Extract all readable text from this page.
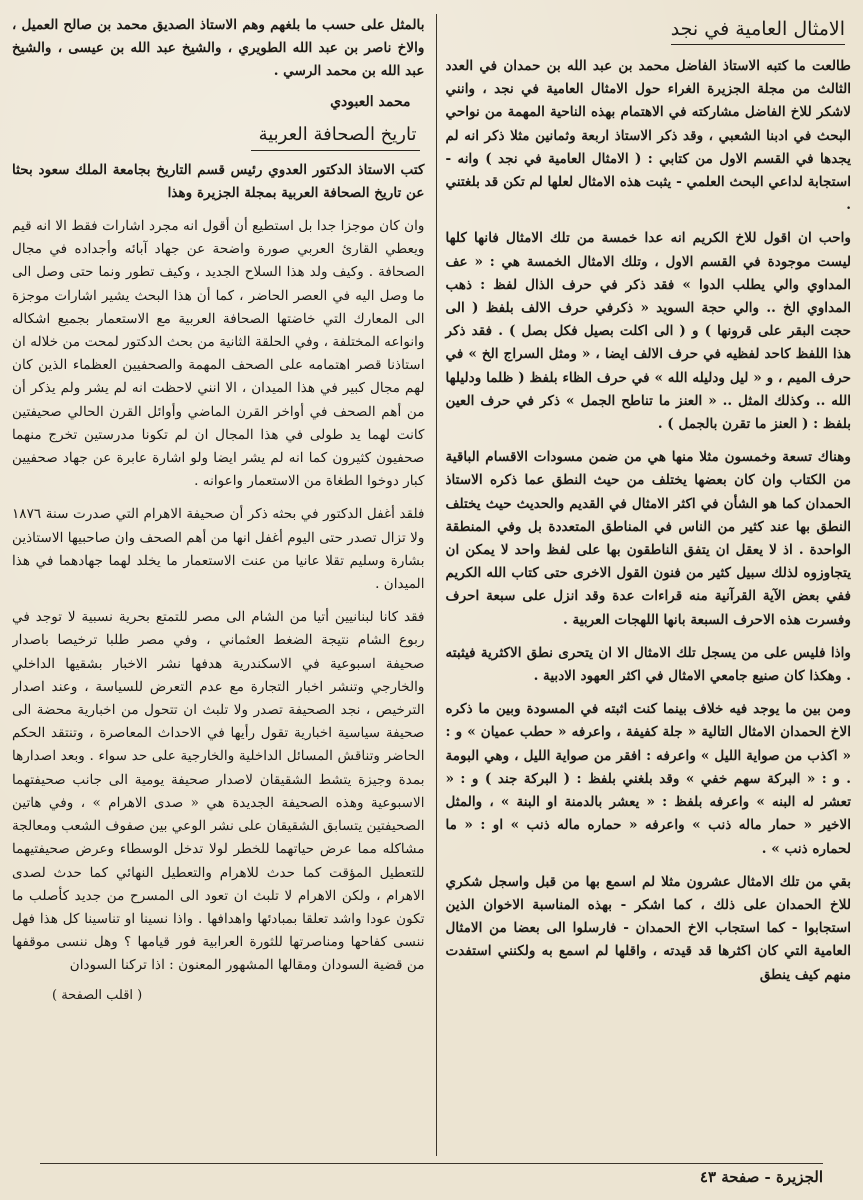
الامثال العامية في نجد

طالعت ما كتبه الاستاذ الفاضل محمد بن عبد الله بن حمدان في العدد الثالث من مجلة الجزيرة الغراء حول الامثال العامية في نجد ، وانني لاشكر للاخ الفاضل مشاركته في الاهتمام بهذه الناحية المهمة من نواحي البحث في ادبنا الشعبي ، وقد ذكر الاستاذ اربعة وثمانين مثلا ذكر انه لم يجدها في القسم الاول من كتابي : ( الامثال العامية في نجد ) وانه - استجابة لداعي البحث العلمي - يثبت هذه الامثال لعلها لم تكن قد بلغتني .

واحب ان اقول للاخ الكريم انه عدا خمسة من تلك الامثال فانها كلها ليست موجودة في القسم الاول ، وتلك الامثال الخمسة هي : « عف المداوي والي يطلب الدوا » فقد ذكر في حرف الذال لفظ : ذهب المداوي الخ .. والي حجة السويد « ذكرفي حرف الالف بلفظ ( الى حجت البقر على قرونها ) و ( الى اكلت بصيل فكل بصل ) . فقد ذكر هذا اللفظ كاحد لفظيه في حرف الالف ايضا ، « ومثل السراج الخ » في حرف الميم ، و « ليل ودليله الله » في حرف الظاء بلفظ ( ظلما ودليلها الله .. وكذلك المثل .. « العنز ما تناطح الجمل » ذكر في حرف العين بلفظ : ( العنز ما تقرن بالجمل ) .

وهناك تسعة وخمسون مثلا منها هي من ضمن مسودات الاقسام الباقية من الكتاب وان كان بعضها يختلف من حيث النطق عما ذكره الاستاذ الحمدان كما هو الشأن في اكثر الامثال في القديم والحديث حيث يختلف النطق بها عند كثير من الناس في المناطق المتعددة بل وفي المنطقة الواحدة . اذ لا يعقل ان يتفق الناطقون بها على لفظ واحد لا يمكن ان يتجاوزوه لذلك سبيل كثير من فنون القول الاخرى حتى كتاب الله الكريم ففي بعض الآية القرآنية منه قراءات عدة وقد انزل على سبعة احرف وفسرت هذه الاحرف السبعة بانها اللهجات العربية .

واذا فليس على من يسجل تلك الامثال الا ان يتحرى نطق الاكثرية فيثبته . وهكذا كان صنيع جامعي الامثال في اكثر العهود الادبية .

ومن بين ما يوجد فيه خلاف بينما كنت اثبته في المسودة وبين ما ذكره الاخ الحمدان الامثال التالية « جلة كفيفة ، واعرفه « حطب عميان » و : « اكذب من صواية الليل » واعرفه : افقر من صواية الليل ، وهي البومة . و : « البركة سهم خفي » وقد بلغني بلفظ : ( البركة جند ) و : « تعشر له البنه » واعرفه بلفظ : « يعشر بالدمنة او البنة » ، والمثل الاخير « حمار ماله ذنب » واعرفه « حماره ماله ذنب » او : « ما لحماره ذنب » .

بقي من تلك الامثال عشرون مثلا لم اسمع بها من قبل واسجل شكري للاخ الحمدان على ذلك ، كما اشكر - بهذه المناسبة الاخوان الذين استجابوا - كما استجاب الاخ الحمدان - فارسلوا الى بعضا من الامثال العامية التي كان اكثرها قد قيدته ، واقلها لم اسمع به ولكنني استفدت منهم كيف ينطق

بالمثل على حسب ما بلغهم وهم الاستاذ الصديق محمد بن صالح العميل ، والاخ ناصر بن عبد الله الطويري ، والشيخ عبد الله بن عيسى ، والشيخ عبد الله بن محمد الرسي .

محمد العبودي

تاريخ الصحافة العربية

كتب الاستاذ الدكتور العدوي رئيس قسم التاريخ بجامعة الملك سعود بحثا عن تاريخ الصحافة العربية بمجلة الجزيرة وهذا

وان كان موجزا جدا بل استطيع أن أقول انه مجرد اشارات فقط الا انه قيم ويعطي القارئ العربي صورة واضحة عن جهاد آبائه وأجداده في مجال الصحافة . وكيف ولد هذا السلاح الجديد ، وكيف تطور ونما حتى وصل الى ما وصل اليه في العصر الحاضر ، كما أن هذا البحث يشير اشارات موجزة الى المعارك التي خاضتها الصحافة العربية مع الاستعمار بجميع اشكاله وانواعه المختلفة ، وفي الحلقة الثانية من بحث الدكتور لمحت من خلاله ان استاذنا قصر اهتمامه على الصحف المهمة والصحفيين العظماء الذين كان لهم مجال كبير في هذا الميدان ، الا انني لاحظت انه لم يشر ولم يذكر أن من أهم الصحف في أواخر القرن الماضي وأوائل القرن الحالي صحيفتين كانت لهما يد طولى في هذا المجال ان لم تكونا مدرستين تخرج منهما صحفيون كثيرون كما انه لم يشر ايضا ولو اشارة عابرة عن جهاد صحفيين كبار دوخوا الطغاة من الاستعمار واعوانه .

فلقد أغفل الدكتور في بحثه ذكر أن صحيفة الاهرام التي صدرت سنة ١٨٧٦ ولا تزال تصدر حتى اليوم أغفل انها من أهم الصحف وان صاحبيها الاستاذين بشارة وسليم تقلا عانيا من عنت الاستعمار ما يخلد لهما جهادهما في هذا الميدان .

فقد كانا لبنانيين أتيا من الشام الى مصر للتمتع بحرية نسبية لا توجد في ربوع الشام نتيجة الضغط العثماني ، وفي مصر طلبا ترخيصا باصدار صحيفة اسبوعية في الاسكندرية هدفها نشر الاخبار بشقيها الداخلي والخارجي وتنشر اخبار التجارة مع عدم التعرض للسياسة ، وعند اصدار الترخيص ، نجد الصحيفة تصدر ولا تلبث ان تتحول من اخبارية محضة الى صحيفة سياسية اخبارية تقول رأيها في الاحداث المعاصرة ، وتنتقد الحكم الحاضر وتناقش المسائل الداخلية والخارجية على حد سواء . وبعد اصدارها بمدة وجيزة يتشط الشقيقان لاصدار صحيفة يومية الى جانب صحيفتهما الاسبوعية وهذه الصحيفة الجديدة هي « صدى الاهرام » ، وفي هاتين الصحيفتين يتسابق الشقيقان على نشر الوعي بين صفوف الشعب ومعالجة مشاكله مما عرض حياتهما للخطر لولا تدخل الوسطاء وعرض صحيفتيهما للتعطيل المؤقت كما حدث للاهرام والتعطيل النهائي كما حدث لصدى الاهرام ، ولكن الاهرام لا تلبث ان تعود الى المسرح من جديد كأصلب ما تكون عودا واشد تعلقا بمبادئها واهدافها . واذا نسينا او تناسينا كل هذا فهل ننسى كفاحها ومناصرتها للثورة العرابية فور قيامها ؟ وهل ننسى موقفها من قضية السودان ومقالها المشهور المعنون : اذا تركنا السودان

( اقلب الصفحة )

الجزيرة - صفحة ٤٣
